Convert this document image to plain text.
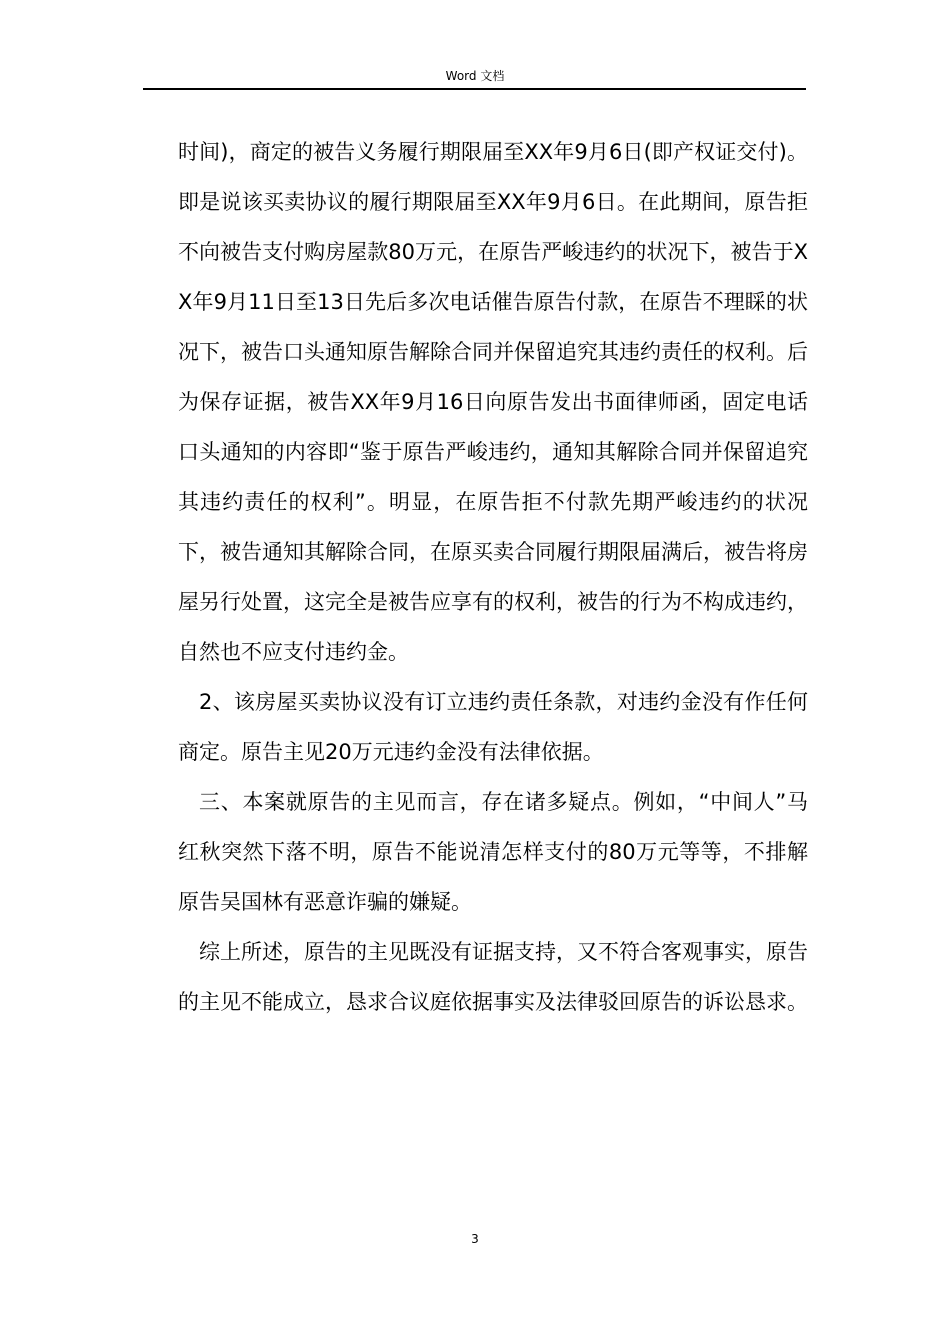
Word 文档

时间)，商定的被告义务履行期限届至XX年9月6日(即产权证交付)。即是说该买卖协议的履行期限届至XX年9月6日。在此期间，原告拒不向被告支付购房屋款80万元，在原告严峻违约的状况下，被告于XX年9月11日至13日先后多次电话催告原告付款，在原告不理睬的状况下，被告口头通知原告解除合同并保留追究其违约责任的权利。后为保存证据，被告XX年9月16日向原告发出书面律师函，固定电话口头通知的内容即“鉴于原告严峻违约，通知其解除合同并保留追究其违约责任的权利”。明显，在原告拒不付款先期严峻违约的状况下，被告通知其解除合同，在原买卖合同履行期限届满后，被告将房屋另行处置，这完全是被告应享有的权利，被告的行为不构成违约，自然也不应支付违约金。

2、该房屋买卖协议没有订立违约责任条款，对违约金没有作任何商定。原告主见20万元违约金没有法律依据。

三、本案就原告的主见而言，存在诸多疑点。例如，“中间人”马红秋突然下落不明，原告不能说清怎样支付的80万元等等，不排解原告吴国林有恶意诈骗的嫌疑。

综上所述，原告的主见既没有证据支持，又不符合客观事实，原告的主见不能成立，恳求合议庭依据事实及法律驳回原告的诉讼恳求。

3
